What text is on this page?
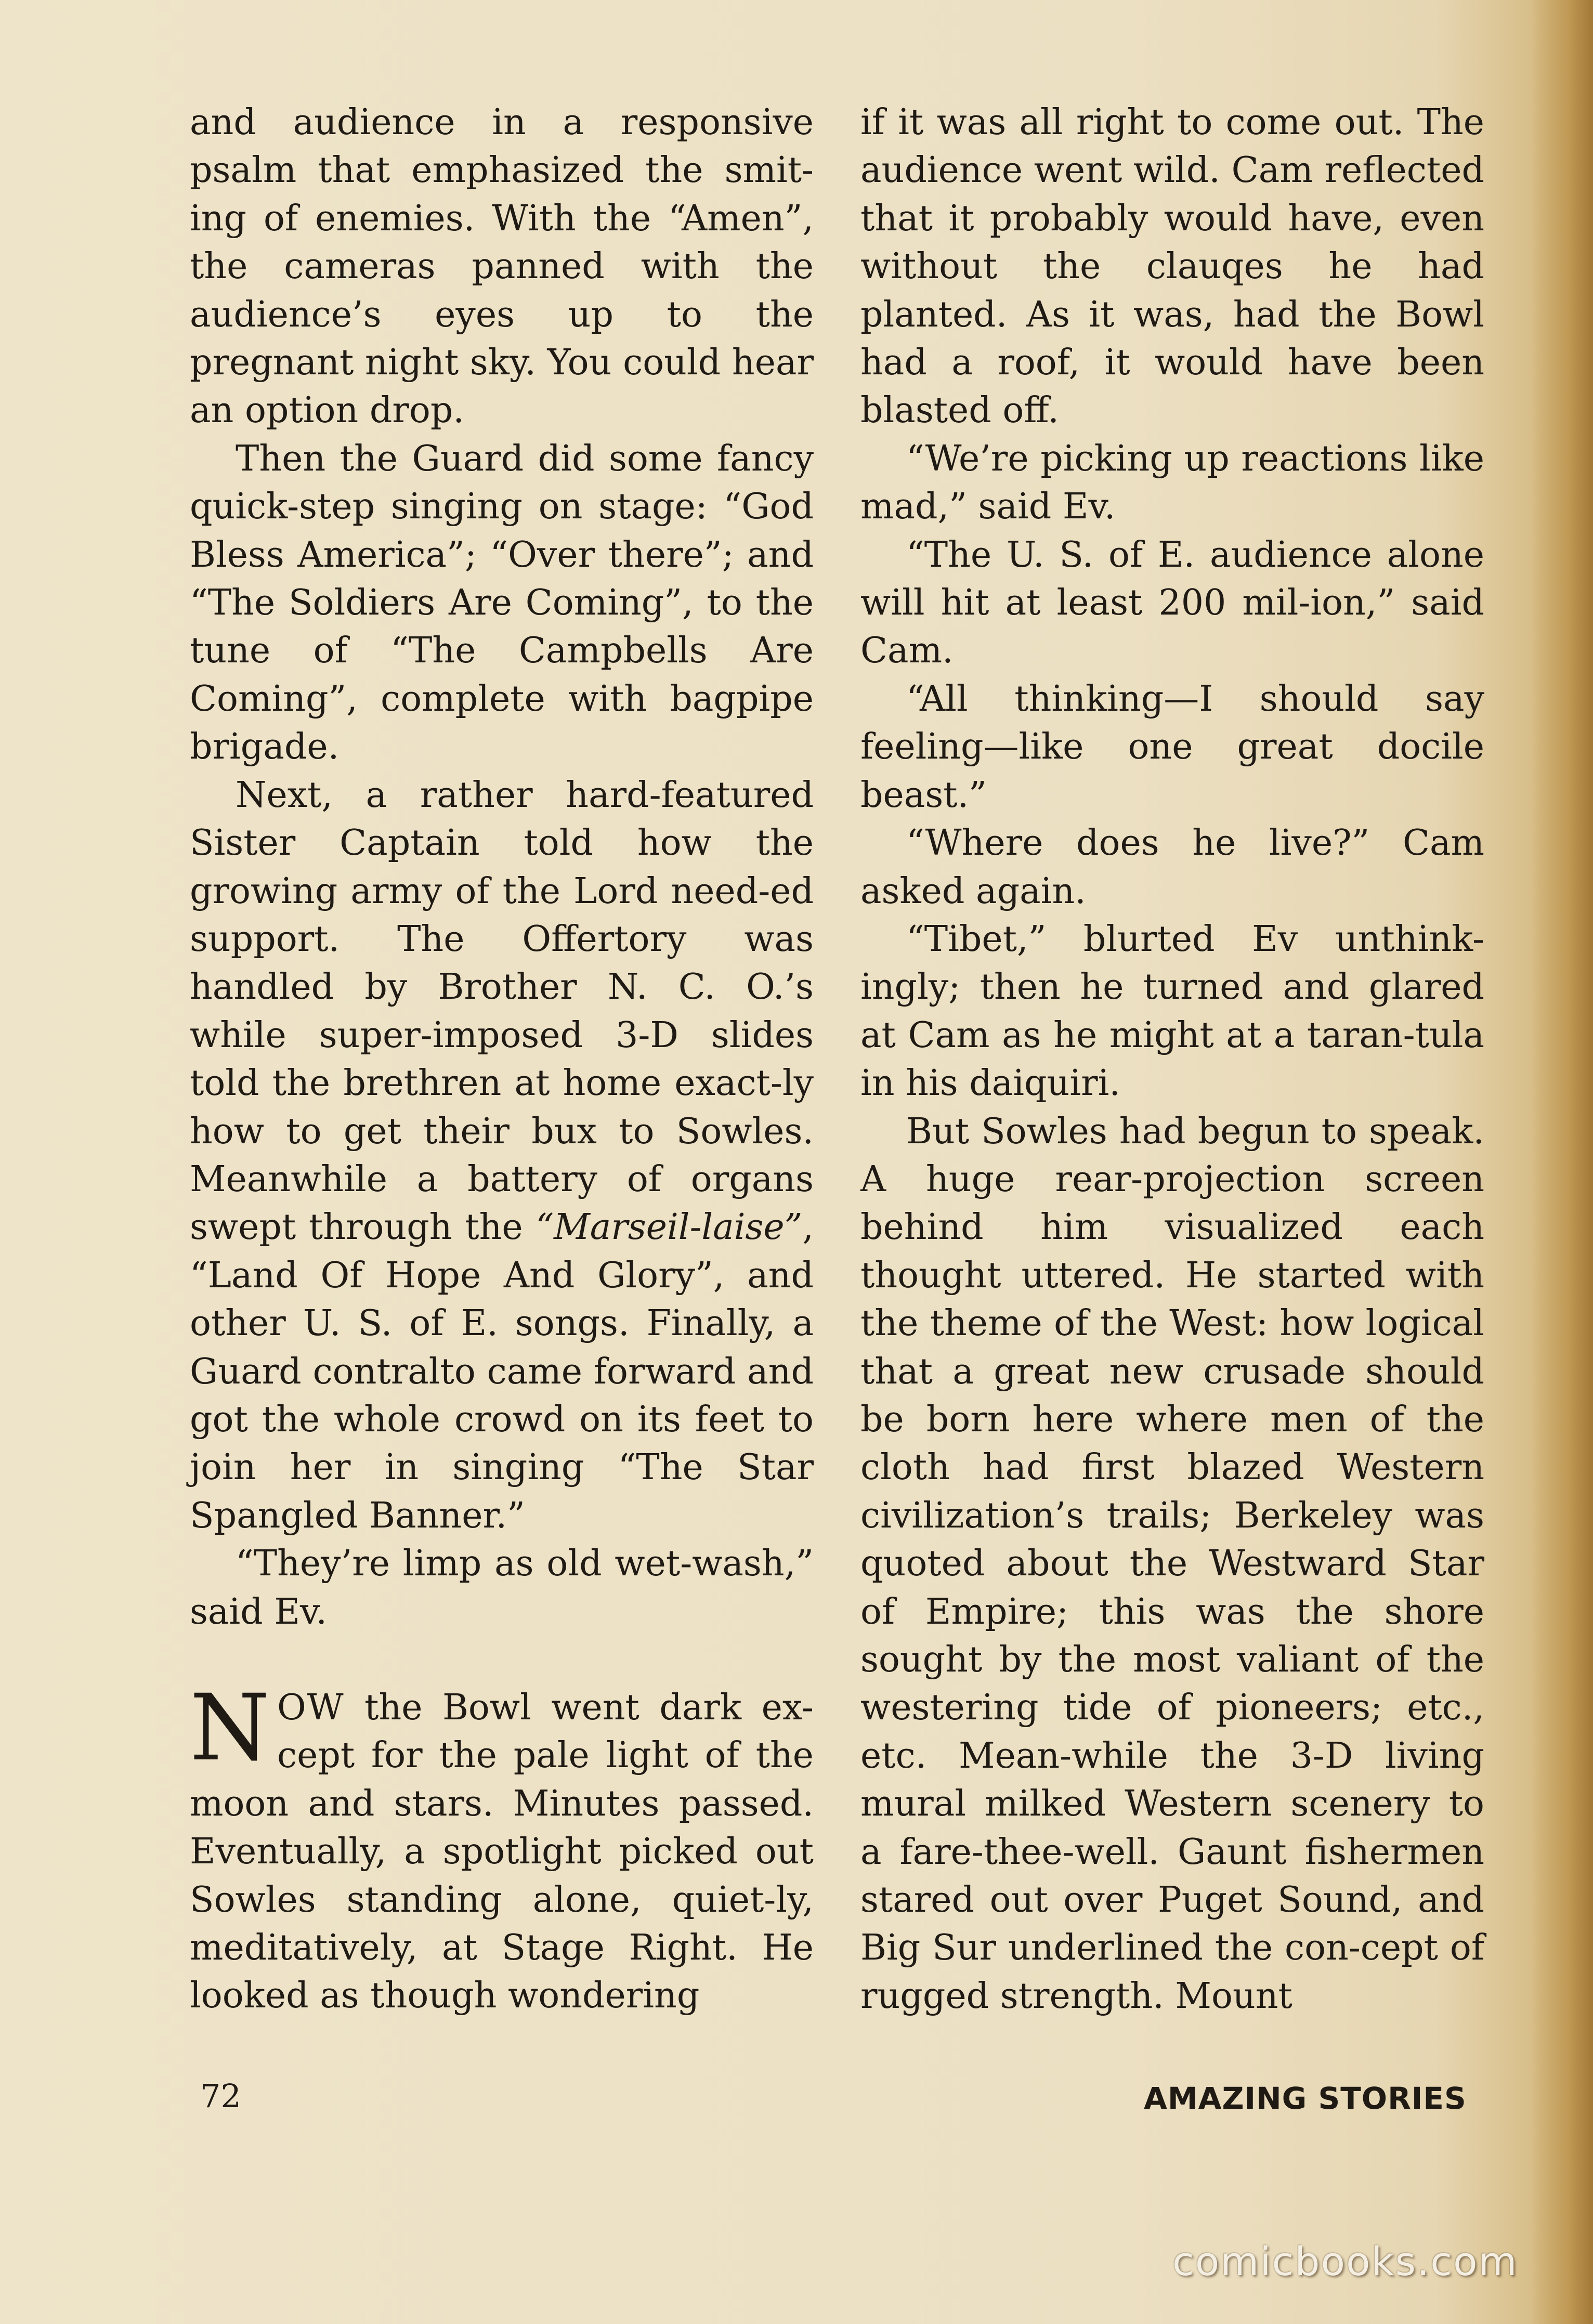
and audience in a responsive psalm that emphasized the smit-ing of enemies. With the “Amen”, the cameras panned with the audience’s eyes up to the pregnant night sky. You could hear an option drop.

Then the Guard did some fancy quick-step singing on stage: “God Bless America”; “Over there”; and “The Soldiers Are Coming”, to the tune of “The Campbells Are Coming”, complete with bagpipe brigade.

Next, a rather hard-featured Sister Captain told how the growing army of the Lord need-ed support. The Offertory was handled by Brother N. C. O.’s while super-imposed 3-D slides told the brethren at home exact-ly how to get their bux to Sowles. Meanwhile a battery of organs swept through the “Marseil-laise”, “Land Of Hope And Glory”, and other U. S. of E. songs. Finally, a Guard contralto came forward and got the whole crowd on its feet to join her in singing “The Star Spangled Banner.”

“They’re limp as old wet-wash,” said Ev.

NOW the Bowl went dark ex-cept for the pale light of the moon and stars. Minutes passed. Eventually, a spotlight picked out Sowles standing alone, quiet-ly, meditatively, at Stage Right. He looked as though wondering

if it was all right to come out. The audience went wild. Cam reflected that it probably would have, even without the clauqes he had planted. As it was, had the Bowl had a roof, it would have been blasted off.

“We’re picking up reactions like mad,” said Ev.

“The U. S. of E. audience alone will hit at least 200 mil-ion,” said Cam.

“All thinking—I should say feeling—like one great docile beast.”

“Where does he live?” Cam asked again.

“Tibet,” blurted Ev unthink-ingly; then he turned and glared at Cam as he might at a taran-tula in his daiquiri.

But Sowles had begun to speak. A huge rear-projection screen behind him visualized each thought uttered. He started with the theme of the West: how logical that a great new crusade should be born here where men of the cloth had first blazed Western civilization’s trails; Berkeley was quoted about the Westward Star of Empire; this was the shore sought by the most valiant of the westering tide of pioneers; etc., etc. Mean-while the 3-D living mural milked Western scenery to a fare-thee-well. Gaunt fishermen stared out over Puget Sound, and Big Sur underlined the con-cept of rugged strength. Mount

72	AMAZING STORIES
comicbooks.com
